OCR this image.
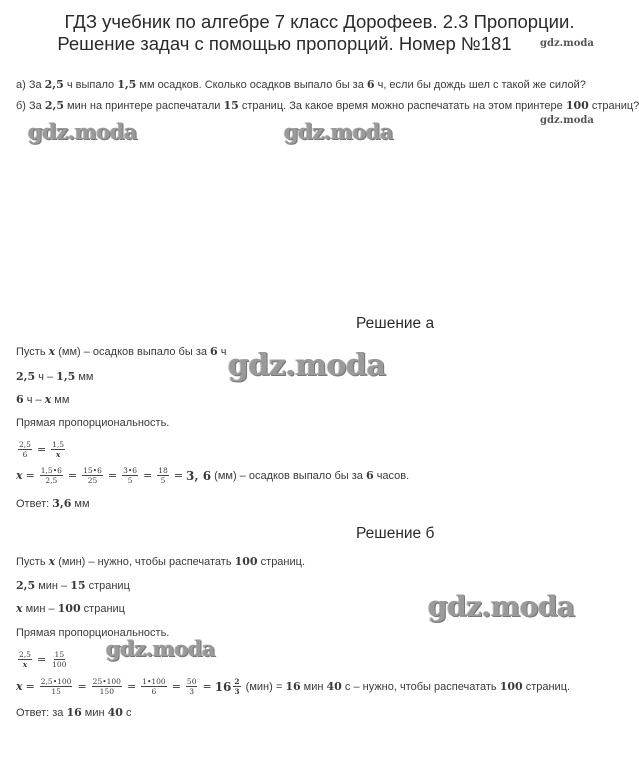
ГДЗ учебник по алгебре 7 класс Дорофеев. 2.3 Пропорции.
Решение задач с помощью пропорций. Номер №181	gdz.moda
а) За 2,5 ч выпало 1,5 мм осадков. Сколько осадков выпало бы за 6 ч, если бы дождь шел с такой же силой?
б) За 2,5 мин на принтере распечатали 15 страниц. За какое время можно распечатать на этом принтере 100 страниц?
gdz.moda
gdz.moda	gdz.moda
Решение а
Пусть x (мм) – осадков выпало бы за 6 ч gdz.moda
2,5 ч – 1,5 мм
6 ч – x мм
Прямая пропорциональность.
$\frac{2,5}{6} = \frac{1,5}{x}$
$x = \frac{1,5•6}{2,5} = \frac{15•6}{25} = \frac{3•6}{5} = \frac{18}{5} = 3$, 6 (мм) – осадков выпало бы за 6 часов.
Ответ: 3,6 мм
Решение б
Пусть x (мин) – нужно, чтобы распечатать 100 страниц.
2,5 мин – 15 страниц
gdz.moda
x мин – 100 страниц
Прямая пропорциональность.
gdz.moda
$\frac{2,5}{x} = \frac{15}{100}$
$x = \frac{2,5•100}{15} = \frac{25•100}{150} = \frac{1•100}{6} = \frac{50}{3} = 16 \frac{2}{3} (мин) = 16$ мин 40 с – нужно, чтобы распечатать 100 страниц.
Ответ: за 16 мин 40 с
